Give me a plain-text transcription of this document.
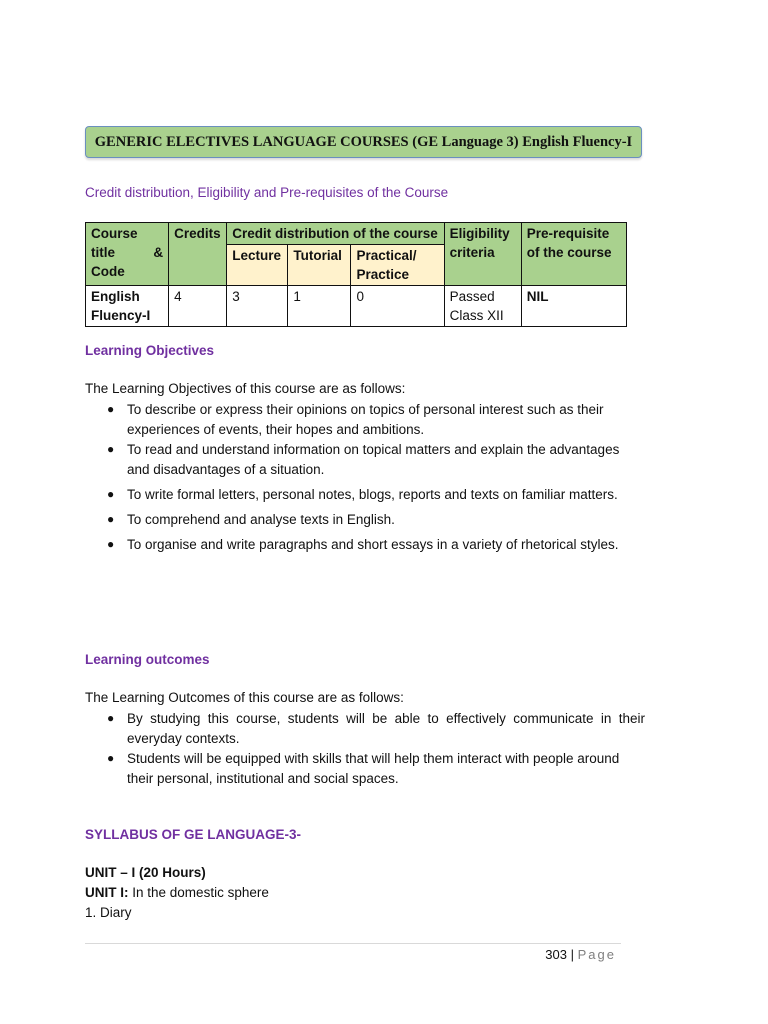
GENERIC ELECTIVES LANGUAGE COURSES (GE Language 3) English Fluency-I
Credit distribution, Eligibility and Pre-requisites of the Course
Course
title &
Code	Credits	Credit distribution of the course			Eligibility criteria	Pre-requisite of the course
		Lecture	Tutorial	Practical/ Practice		
English Fluency-I	4	3	1	0	Passed Class XII	NIL
Learning Objectives
The Learning Objectives of this course are as follows:
● To describe or express their opinions on topics of personal interest such as their experiences of events, their hopes and ambitions.
● To read and understand information on topical matters and explain the advantages and disadvantages of a situation.
● To write formal letters, personal notes, blogs, reports and texts on familiar matters.
● To comprehend and analyse texts in English.
● To organise and write paragraphs and short essays in a variety of rhetorical styles.
Learning outcomes
The Learning Outcomes of this course are as follows:
● By studying this course, students will be able to effectively communicate in their everyday contexts.
● Students will be equipped with skills that will help them interact with people around their personal, institutional and social spaces.
SYLLABUS OF GE LANGUAGE-3-
UNIT – I (20 Hours)
UNIT I: In the domestic sphere
1. Diary
303 | Page
